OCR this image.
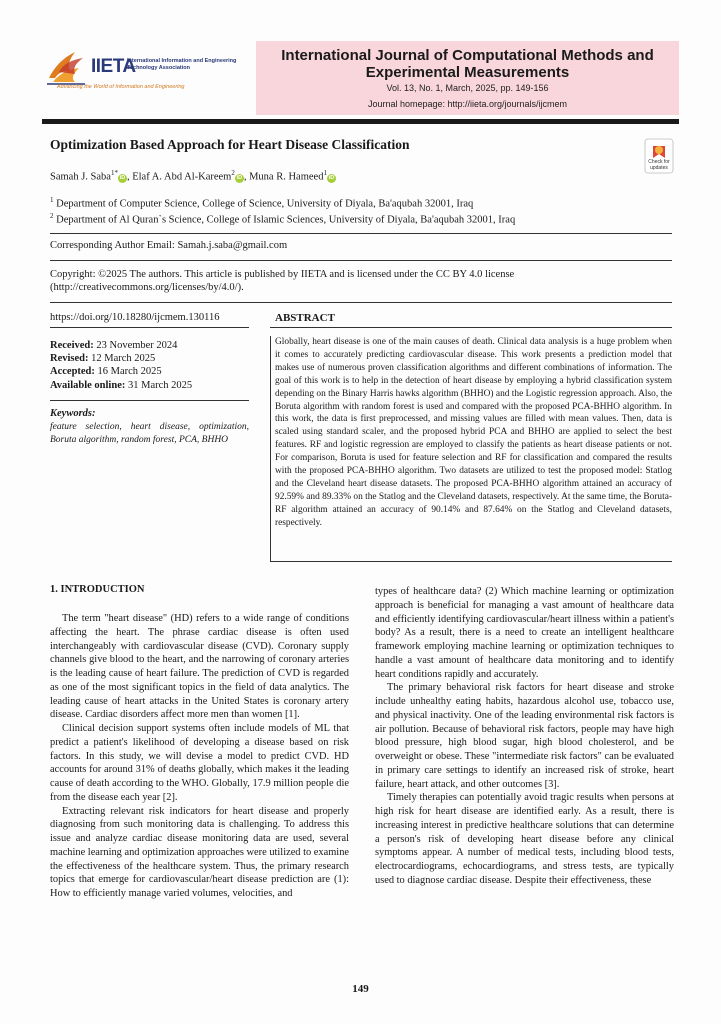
IIETA
International Information and Engineering Technology Association
Advancing the World of Information and Engineering
International Journal of Computational Methods and
Experimental Measurements
Vol. 13, No. 1, March, 2025, pp. 149-156
Journal homepage: http://iieta.org/journals/ijcmem
Optimization Based Approach for Heart Disease Classification
Check for updates
Samah J. Saba$^{1*}$iD , Elaf A. Abd Al-Kareem$^2$iD , Muna R. Hameed$^1$iD
$^1$ Department of Computer Science, College of Science, University of Diyala, Ba'aqubah 32001, Iraq
$^2$ Department of Al Quran`s Science, College of Islamic Sciences, University of Diyala, Ba'aqubah 32001, Iraq
Corresponding Author Email: Samah.j.saba@gmail.com
Copyright: ©2025 The authors. This article is published by IIETA and is licensed under the CC BY 4.0 license (http://creativecommons.org/licenses/by/4.0/).
https://doi.org/10.18280/ijcmem.130116	ABSTRACT
Received: 23 November 2024
Revised: 12 March 2025
Accepted: 16 March 2025
Available online: 31 March 2025
Keywords:
feature selection, heart disease, optimization, Boruta algorithm, random forest, PCA, BHHO
Globally, heart disease is one of the main causes of death. Clinical data analysis is a huge problem when it comes to accurately predicting cardiovascular disease. This work presents a prediction model that makes use of numerous proven classification algorithms and different combinations of information. The goal of this work is to help in the detection of heart disease by employing a hybrid classification system depending on the Binary Harris hawks algorithm (BHHO) and the Logistic regression approach. Also, the Boruta algorithm with random forest is used and compared with the proposed PCA-BHHO algorithm. In this work, the data is first preprocessed, and missing values are filled with mean values. Then, data is scaled using standard scaler, and the proposed hybrid PCA and BHHO are applied to select the best features. RF and logistic regression are employed to classify the patients as heart disease patients or not. For comparison, Boruta is used for feature selection and RF for classification and compared the results with the proposed PCA-BHHO algorithm. Two datasets are utilized to test the proposed model: Statlog and the Cleveland heart disease datasets. The proposed PCA-BHHO algorithm attained an accuracy of 92.59% and 89.33% on the Statlog and the Cleveland datasets, respectively. At the same time, the Boruta-RF algorithm attained an accuracy of 90.14% and 87.64% on the Statlog and Cleveland datasets, respectively.
1. INTRODUCTION

The term "heart disease" (HD) refers to a wide range of conditions affecting the heart. The phrase cardiac disease is often used interchangeably with cardiovascular disease (CVD). Coronary supply channels give blood to the heart, and the narrowing of coronary arteries is the leading cause of heart failure. The prediction of CVD is regarded as one of the most significant topics in the field of data analytics. The leading cause of heart attacks in the United States is coronary artery disease. Cardiac disorders affect more men than women [1].

Clinical decision support systems often include models of ML that predict a patient's likelihood of developing a disease based on risk factors. In this study, we will devise a model to predict CVD. HD accounts for around 31% of deaths globally, which makes it the leading cause of death according to the WHO. Globally, 17.9 million people die from the disease each year [2].

Extracting relevant risk indicators for heart disease and properly diagnosing from such monitoring data is challenging. To address this issue and analyze cardiac disease monitoring data are used, several machine learning and optimization approaches were utilized to examine the effectiveness of the healthcare system. Thus, the primary research topics that emerge for cardiovascular/heart disease prediction are (1): How to efficiently manage varied volumes, velocities, and

types of healthcare data? (2) Which machine learning or optimization approach is beneficial for managing a vast amount of healthcare data and efficiently identifying cardiovascular/heart illness within a patient's body? As a result, there is a need to create an intelligent healthcare framework employing machine learning or optimization techniques to handle a vast amount of healthcare data monitoring and to identify heart conditions rapidly and accurately.

The primary behavioral risk factors for heart disease and stroke include unhealthy eating habits, hazardous alcohol use, tobacco use, and physical inactivity. One of the leading environmental risk factors is air pollution. Because of behavioral risk factors, people may have high blood pressure, high blood sugar, high blood cholesterol, and be overweight or obese. These "intermediate risk factors" can be evaluated in primary care settings to identify an increased risk of stroke, heart failure, heart attack, and other outcomes [3].

Timely therapies can potentially avoid tragic results when persons at high risk for heart disease are identified early. As a result, there is increasing interest in predictive healthcare solutions that can determine a person's risk of developing heart disease before any clinical symptoms appear. A number of medical tests, including blood tests, electrocardiograms, echocardiograms, and stress tests, are typically used to diagnose cardiac disease. Despite their effectiveness, these

149
